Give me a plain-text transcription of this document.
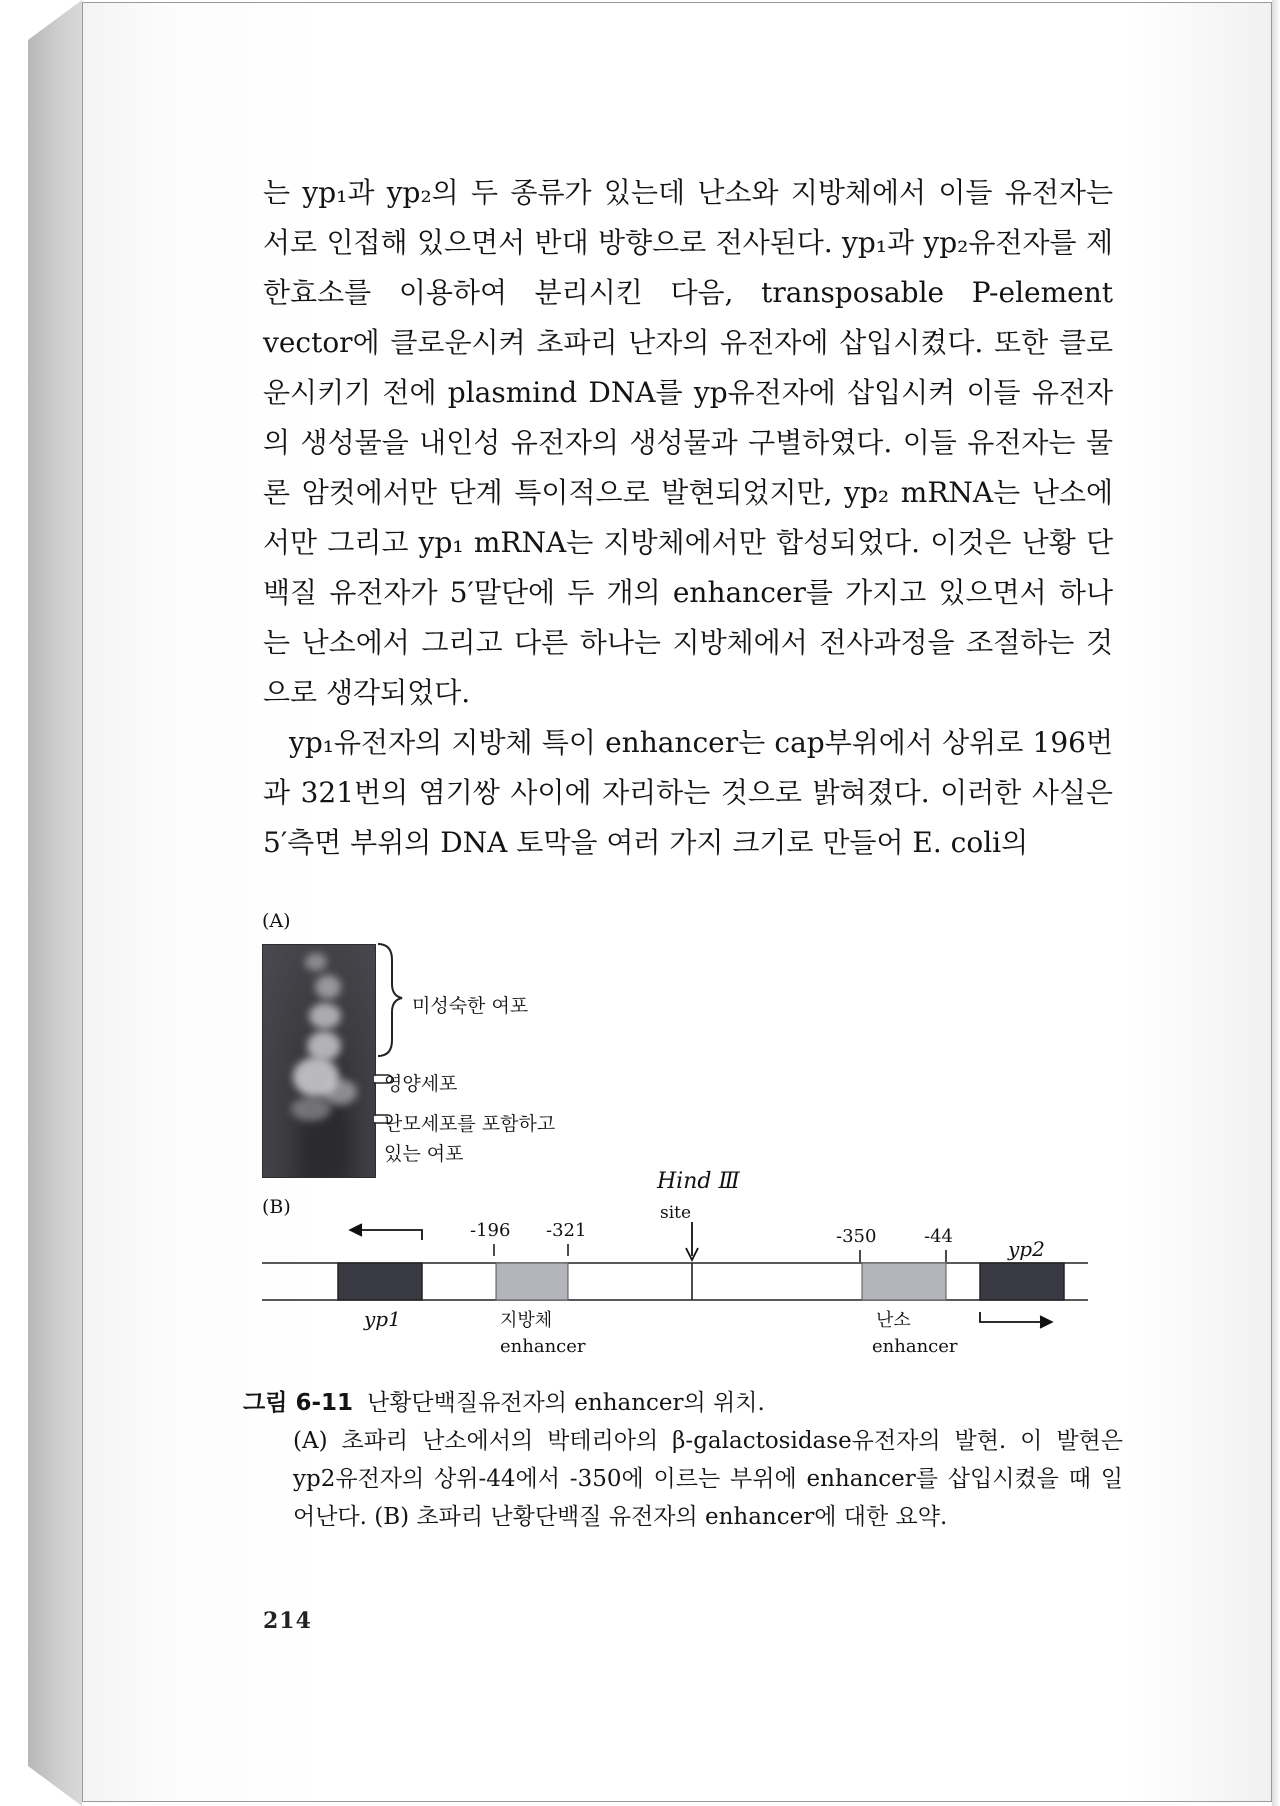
는 yp₁과 yp₂의 두 종류가 있는데 난소와 지방체에서 이들 유전자는 서로 인접해 있으면서 반대 방향으로 전사된다. yp₁과 yp₂유전자를 제한효소를 이용하여 분리시킨 다음, transposable P-element vector에 클로운시켜 초파리 난자의 유전자에 삽입시켰다. 또한 클로운시키기 전에 plasmind DNA를 yp유전자에 삽입시켜 이들 유전자의 생성물을 내인성 유전자의 생성물과 구별하였다. 이들 유전자는 물론 암컷에서만 단계 특이적으로 발현되었지만, yp₂ mRNA는 난소에서만 그리고 yp₁ mRNA는 지방체에서만 합성되었다. 이것은 난황 단백질 유전자가 5′말단에 두 개의 enhancer를 가지고 있으면서 하나는 난소에서 그리고 다른 하나는 지방체에서 전사과정을 조절하는 것으로 생각되었다.

yp₁유전자의 지방체 특이 enhancer는 cap부위에서 상위로 196번과 321번의 염기쌍 사이에 자리하는 것으로 밝혀졌다. 이러한 사실은 5′측면 부위의 DNA 토막을 여러 가지 크기로 만들어 E. coli의

(A)
미성숙한 여포
영양세포
난모세포를 포함하고
있는 여포
(B)
Hind Ⅲ
site
-196 -321	-350	-44
yp2
yp1	지방체
enhancer
난소
enhancer
그림 6-11 난황단백질유전자의 enhancer의 위치.
(A) 초파리 난소에서의 박테리아의 β-galactosidase유전자의 발현. 이 발현은 yp2유전자의 상위-44에서 -350에 이르는 부위에 enhancer를 삽입시켰을 때 일어난다. (B) 초파리 난황단백질 유전자의 enhancer에 대한 요약.
214
